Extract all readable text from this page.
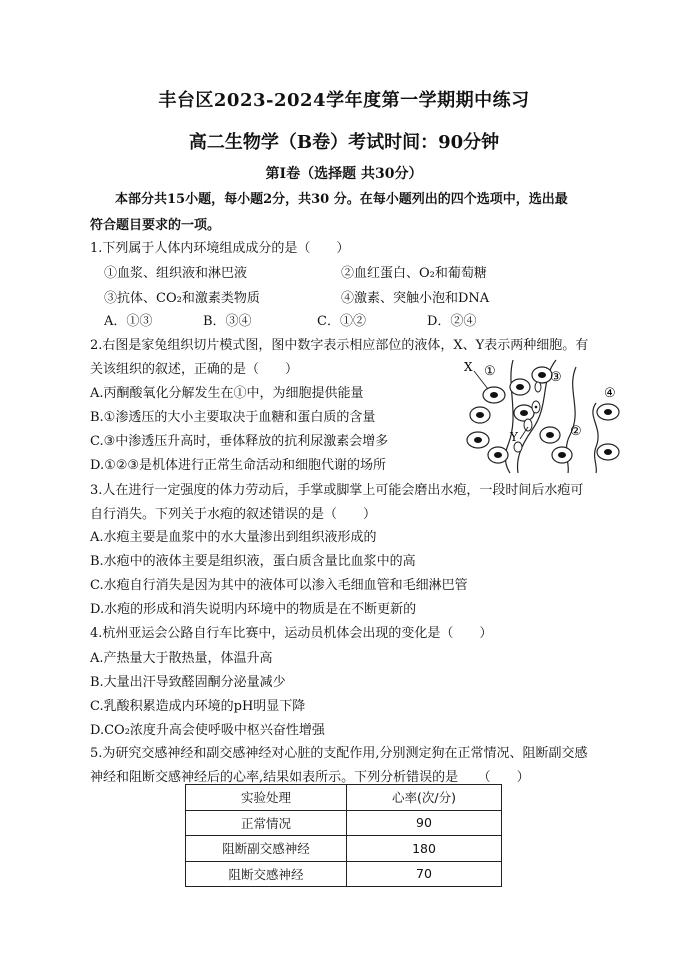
丰台区2023-2024学年度第一学期期中练习
高二生物学（B卷）考试时间：90分钟
第Ⅰ卷（选择题 共30分）
本部分共15小题，每小题2分，共30 分。在每小题列出的四个选项中，选出最
符合题目要求的一项。
1.下列属于人体内环境组成成分的是（　　）
①血浆、组织液和淋巴液	②血红蛋白、O₂和葡萄糖
③抗体、CO₂和激素类物质	④激素、突触小泡和DNA
A．①③	B．③④	C．①②	D．②④
2.右图是家兔组织切片模式图，图中数字表示相应部位的液体，X、Y表示两种细胞。有
关该组织的叙述，正确的是（　　）
A.丙酮酸氧化分解发生在①中，为细胞提供能量
B.①渗透压的大小主要取决于血糖和蛋白质的含量
C.③中渗透压升高时，垂体释放的抗利尿激素会增多
D.①②③是机体进行正常生命活动和细胞代谢的场所
X ①	③
④
②
Y
3.人在进行一定强度的体力劳动后，手掌或脚掌上可能会磨出水疱，一段时间后水疱可
自行消失。下列关于水疱的叙述错误的是（　　）
A.水疱主要是血浆中的水大量渗出到组织液形成的
B.水疱中的液体主要是组织液，蛋白质含量比血浆中的高
C.水疱自行消失是因为其中的液体可以渗入毛细血管和毛细淋巴管
D.水疱的形成和消失说明内环境中的物质是在不断更新的
4.杭州亚运会公路自行车比赛中，运动员机体会出现的变化是（　　）
A.产热量大于散热量，体温升高
B.大量出汗导致醛固酮分泌量减少
C.乳酸积累造成内环境的pH明显下降
D.CO₂浓度升高会使呼吸中枢兴奋性增强
5.为研究交感神经和副交感神经对心脏的支配作用,分别测定狗在正常情况、阻断副交感
神经和阻断交感神经后的心率,结果如表所示。下列分析错误的是　　（　　）
实验处理	心率(次/分)
正常情况	90
阻断副交感神经	180
阻断交感神经	70
